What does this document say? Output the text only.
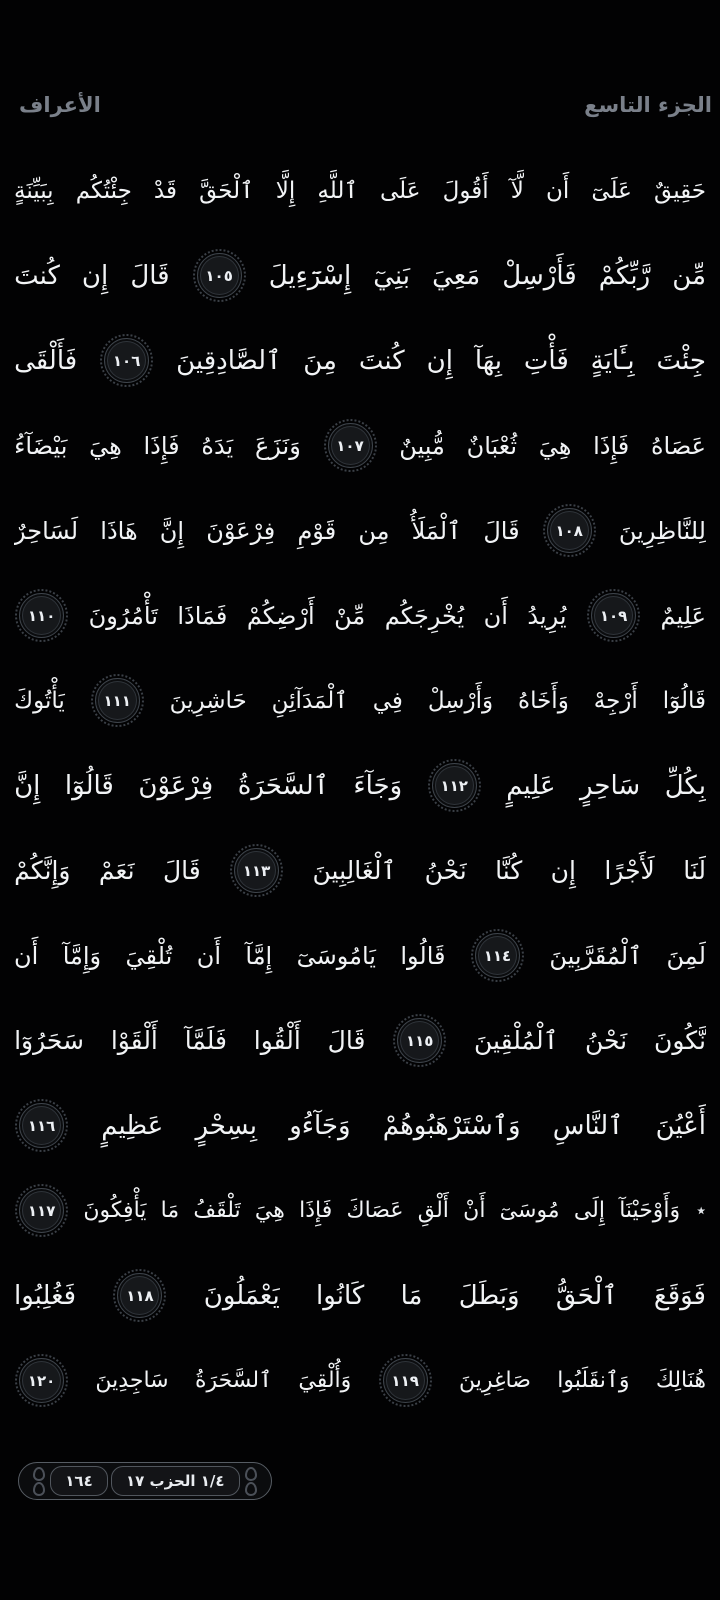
الجزء التاسع
الأعراف
حَقِيقٌ
عَلَىٓ
أَن
لَّآ
أَقُولَ
عَلَى
ٱللَّهِ
إِلَّا
ٱلْحَقَّ
قَدْ
جِئْتُكُم
بِبَيِّنَةٍ
مِّن
رَّبِّكُمْ
فَأَرْسِلْ
مَعِيَ
بَنِيٓ
إِسْرَٓءِيلَ
١٠٥
قَالَ
إِن
كُنتَ
جِئْتَ
بِـَٔايَةٍ
فَأْتِ
بِهَآ
إِن
كُنتَ
مِنَ
ٱلصَّادِقِينَ
١٠٦
فَأَلْقَى
عَصَاهُ
فَإِذَا
هِيَ
ثُعْبَانٌ
مُّبِينٌ
١٠٧
وَنَزَعَ
يَدَهُ
فَإِذَا
هِيَ
بَيْضَآءُ
لِلنَّاظِرِينَ
١٠٨
قَالَ
ٱلْمَلَأُ
مِن
قَوْمِ
فِرْعَوْنَ
إِنَّ
هَاذَا
لَسَاحِرٌ
عَلِيمٌ
١٠٩
يُرِيدُ
أَن
يُخْرِجَكُم
مِّنْ
أَرْضِكُمْ
فَمَاذَا
تَأْمُرُونَ
١١٠
قَالُوٓا
أَرْجِهْ
وَأَخَاهُ
وَأَرْسِلْ
فِي
ٱلْمَدَآئِنِ
حَاشِرِينَ
١١١
يَأْتُوكَ
بِكُلِّ
سَاحِرٍ
عَلِيمٍ
١١٢
وَجَآءَ
ٱلسَّحَرَةُ
فِرْعَوْنَ
قَالُوٓا
إِنَّ
لَنَا
لَأَجْرًا
إِن
كُنَّا
نَحْنُ
ٱلْغَالِبِينَ
١١٣
قَالَ
نَعَمْ
وَإِنَّكُمْ
لَمِنَ
ٱلْمُقَرَّبِينَ
١١٤
قَالُوا
يَامُوسَىٓ
إِمَّآ
أَن
تُلْقِيَ
وَإِمَّآ
أَن
نَّكُونَ
نَحْنُ
ٱلْمُلْقِينَ
١١٥
قَالَ
أَلْقُوا
فَلَمَّآ
أَلْقَوْا
سَحَرُوٓا
أَعْيُنَ
ٱلنَّاسِ
وَٱسْتَرْهَبُوهُمْ
وَجَآءُو
بِسِحْرٍ
عَظِيمٍ
١١٦
٭
وَأَوْحَيْنَآ
إِلَى
مُوسَىٓ
أَنْ
أَلْقِ
عَصَاكَ
فَإِذَا
هِيَ
تَلْقَفُ
مَا
يَأْفِكُونَ
١١٧
فَوَقَعَ
ٱلْحَقُّ
وَبَطَلَ
مَا
كَانُوا
يَعْمَلُونَ
١١٨
فَغُلِبُوا
هُنَالِكَ
وَٱنقَلَبُوا
صَاغِرِينَ
١١٩
وَأُلْقِيَ
ٱلسَّحَرَةُ
سَاجِدِينَ
١٢٠
١/٤ الحزب ١٧
١٦٤
